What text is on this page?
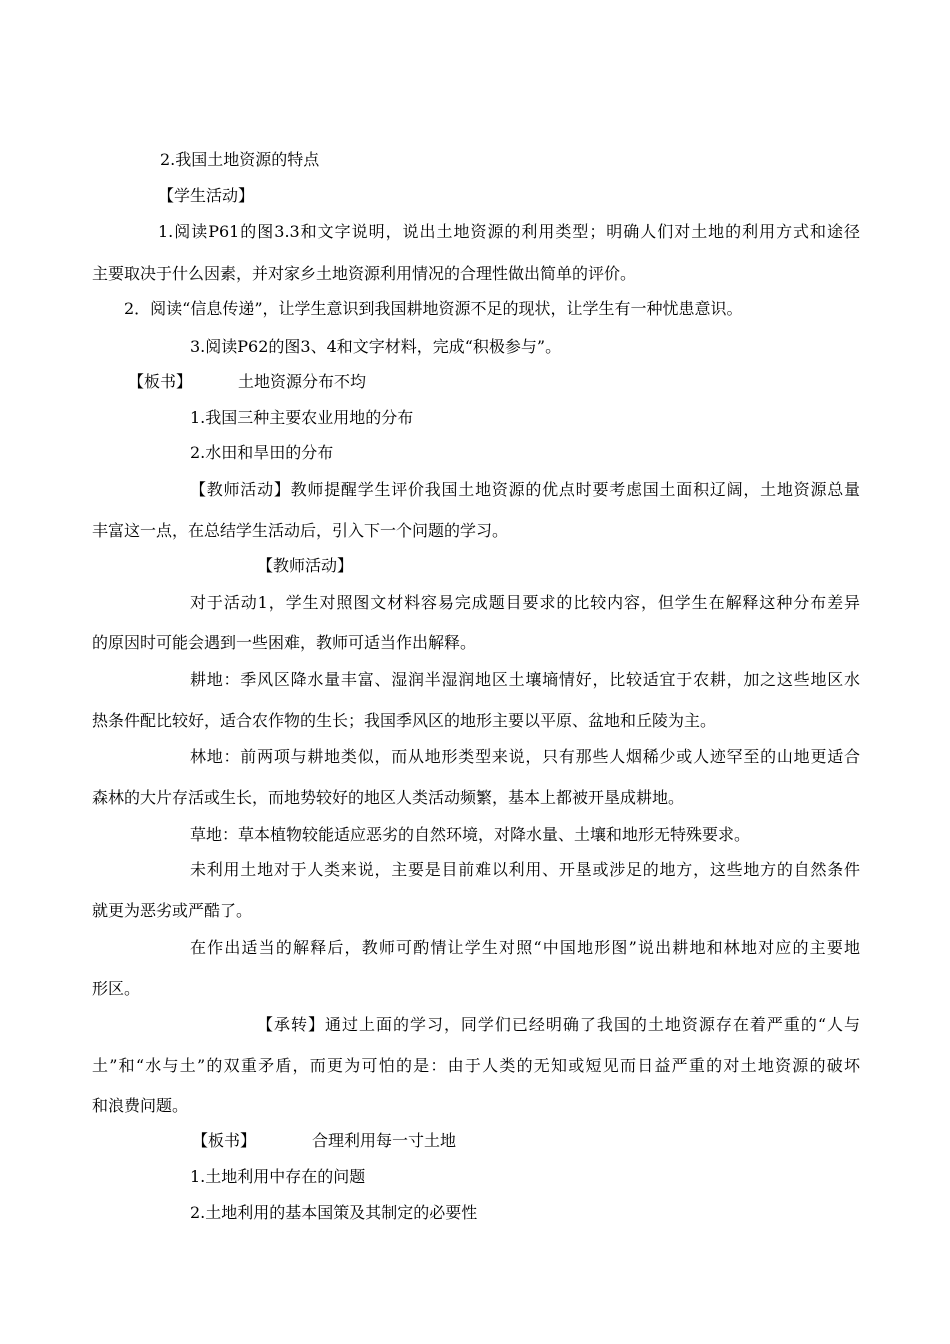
2.我国土地资源的特点
【学生活动】
1.阅读P61的图3.3和文字说明，说出土地资源的利用类型；明确人们对土地的利用方式和途径
主要取决于什么因素，并对家乡土地资源利用情况的合理性做出简单的评价。
2．阅读“信息传递”，让学生意识到我国耕地资源不足的现状，让学生有一种忧患意识。
3.阅读P62的图3、4和文字材料，完成“积极参与”。
【板书】	土地资源分布不均
1.我国三种主要农业用地的分布
2.水田和旱田的分布
【教师活动】教师提醒学生评价我国土地资源的优点时要考虑国土面积辽阔，土地资源总量
丰富这一点，在总结学生活动后，引入下一个问题的学习。
【教师活动】
对于活动1，学生对照图文材料容易完成题目要求的比较内容，但学生在解释这种分布差异
的原因时可能会遇到一些困难，教师可适当作出解释。
耕地：季风区降水量丰富、湿润半湿润地区土壤墒情好，比较适宜于农耕，加之这些地区水
热条件配比较好，适合农作物的生长；我国季风区的地形主要以平原、盆地和丘陵为主。
林地：前两项与耕地类似，而从地形类型来说，只有那些人烟稀少或人迹罕至的山地更适合
森林的大片存活或生长，而地势较好的地区人类活动频繁，基本上都被开垦成耕地。
草地：草本植物较能适应恶劣的自然环境，对降水量、土壤和地形无特殊要求。
未利用土地对于人类来说，主要是目前难以利用、开垦或涉足的地方，这些地方的自然条件
就更为恶劣或严酷了。
在作出适当的解释后，教师可酌情让学生对照“中国地形图”说出耕地和林地对应的主要地
形区。
【承转】通过上面的学习，同学们已经明确了我国的土地资源存在着严重的“人与
土”和“水与土”的双重矛盾，而更为可怕的是：由于人类的无知或短见而日益严重的对土地资源的破坏
和浪费问题。
【板书】	合理利用每一寸土地
1.土地利用中存在的问题
2.土地利用的基本国策及其制定的必要性
